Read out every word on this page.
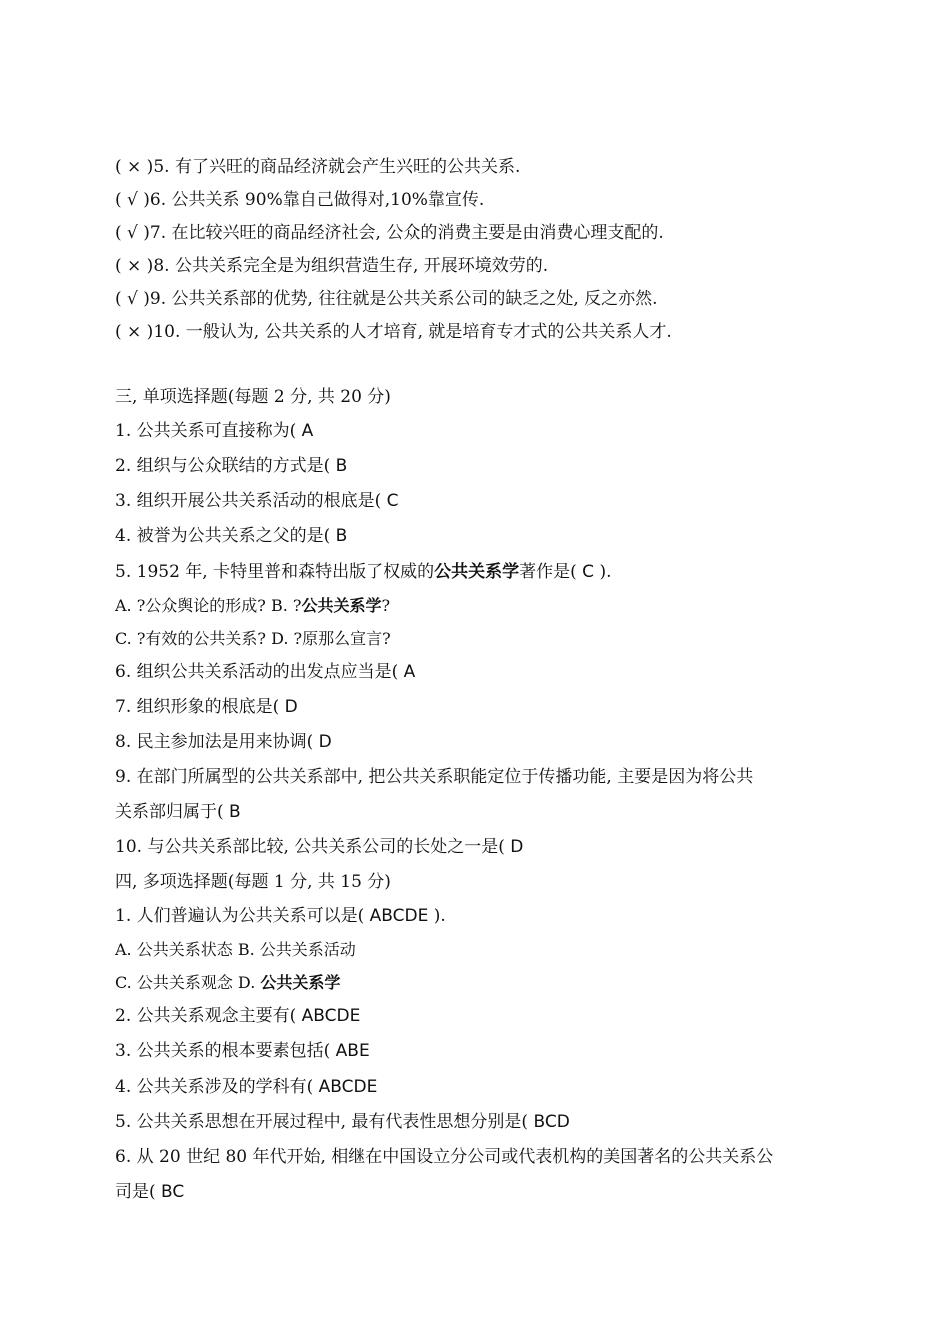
( × )5. 有了兴旺的商品经济就会产生兴旺的公共关系.
( √ )6. 公共关系 90%靠自己做得对,10%靠宣传.
( √ )7. 在比较兴旺的商品经济社会, 公众的消费主要是由消费心理支配的.
( × )8. 公共关系完全是为组织营造生存, 开展环境效劳的.
( √ )9. 公共关系部的优势, 往往就是公共关系公司的缺乏之处, 反之亦然.
( × )10. 一般认为, 公共关系的人才培育, 就是培育专才式的公共关系人才.
三, 单项选择题(每题 2 分, 共 20 分)
1. 公共关系可直接称为( A
2. 组织与公众联结的方式是( B
3. 组织开展公共关系活动的根底是( C
4. 被誉为公共关系之父的是( B
5. 1952 年, 卡特里普和森特出版了权威的公共关系学著作是( C ).
A. ?公众舆论的形成? B. ?公共关系学?
C. ?有效的公共关系? D. ?原那么宣言?
6. 组织公共关系活动的出发点应当是( A
7. 组织形象的根底是( D
8. 民主参加法是用来协调( D
9. 在部门所属型的公共关系部中, 把公共关系职能定位于传播功能, 主要是因为将公共
关系部归属于( B
10. 与公共关系部比较, 公共关系公司的长处之一是( D
四, 多项选择题(每题 1 分, 共 15 分)
1. 人们普遍认为公共关系可以是( ABCDE ).
A. 公共关系状态 B. 公共关系活动
C. 公共关系观念 D. 公共关系学
2. 公共关系观念主要有( ABCDE
3. 公共关系的根本要素包括( ABE
4. 公共关系涉及的学科有( ABCDE
5. 公共关系思想在开展过程中, 最有代表性思想分别是( BCD
6. 从 20 世纪 80 年代开始, 相继在中国设立分公司或代表机构的美国著名的公共关系公
司是( BC
